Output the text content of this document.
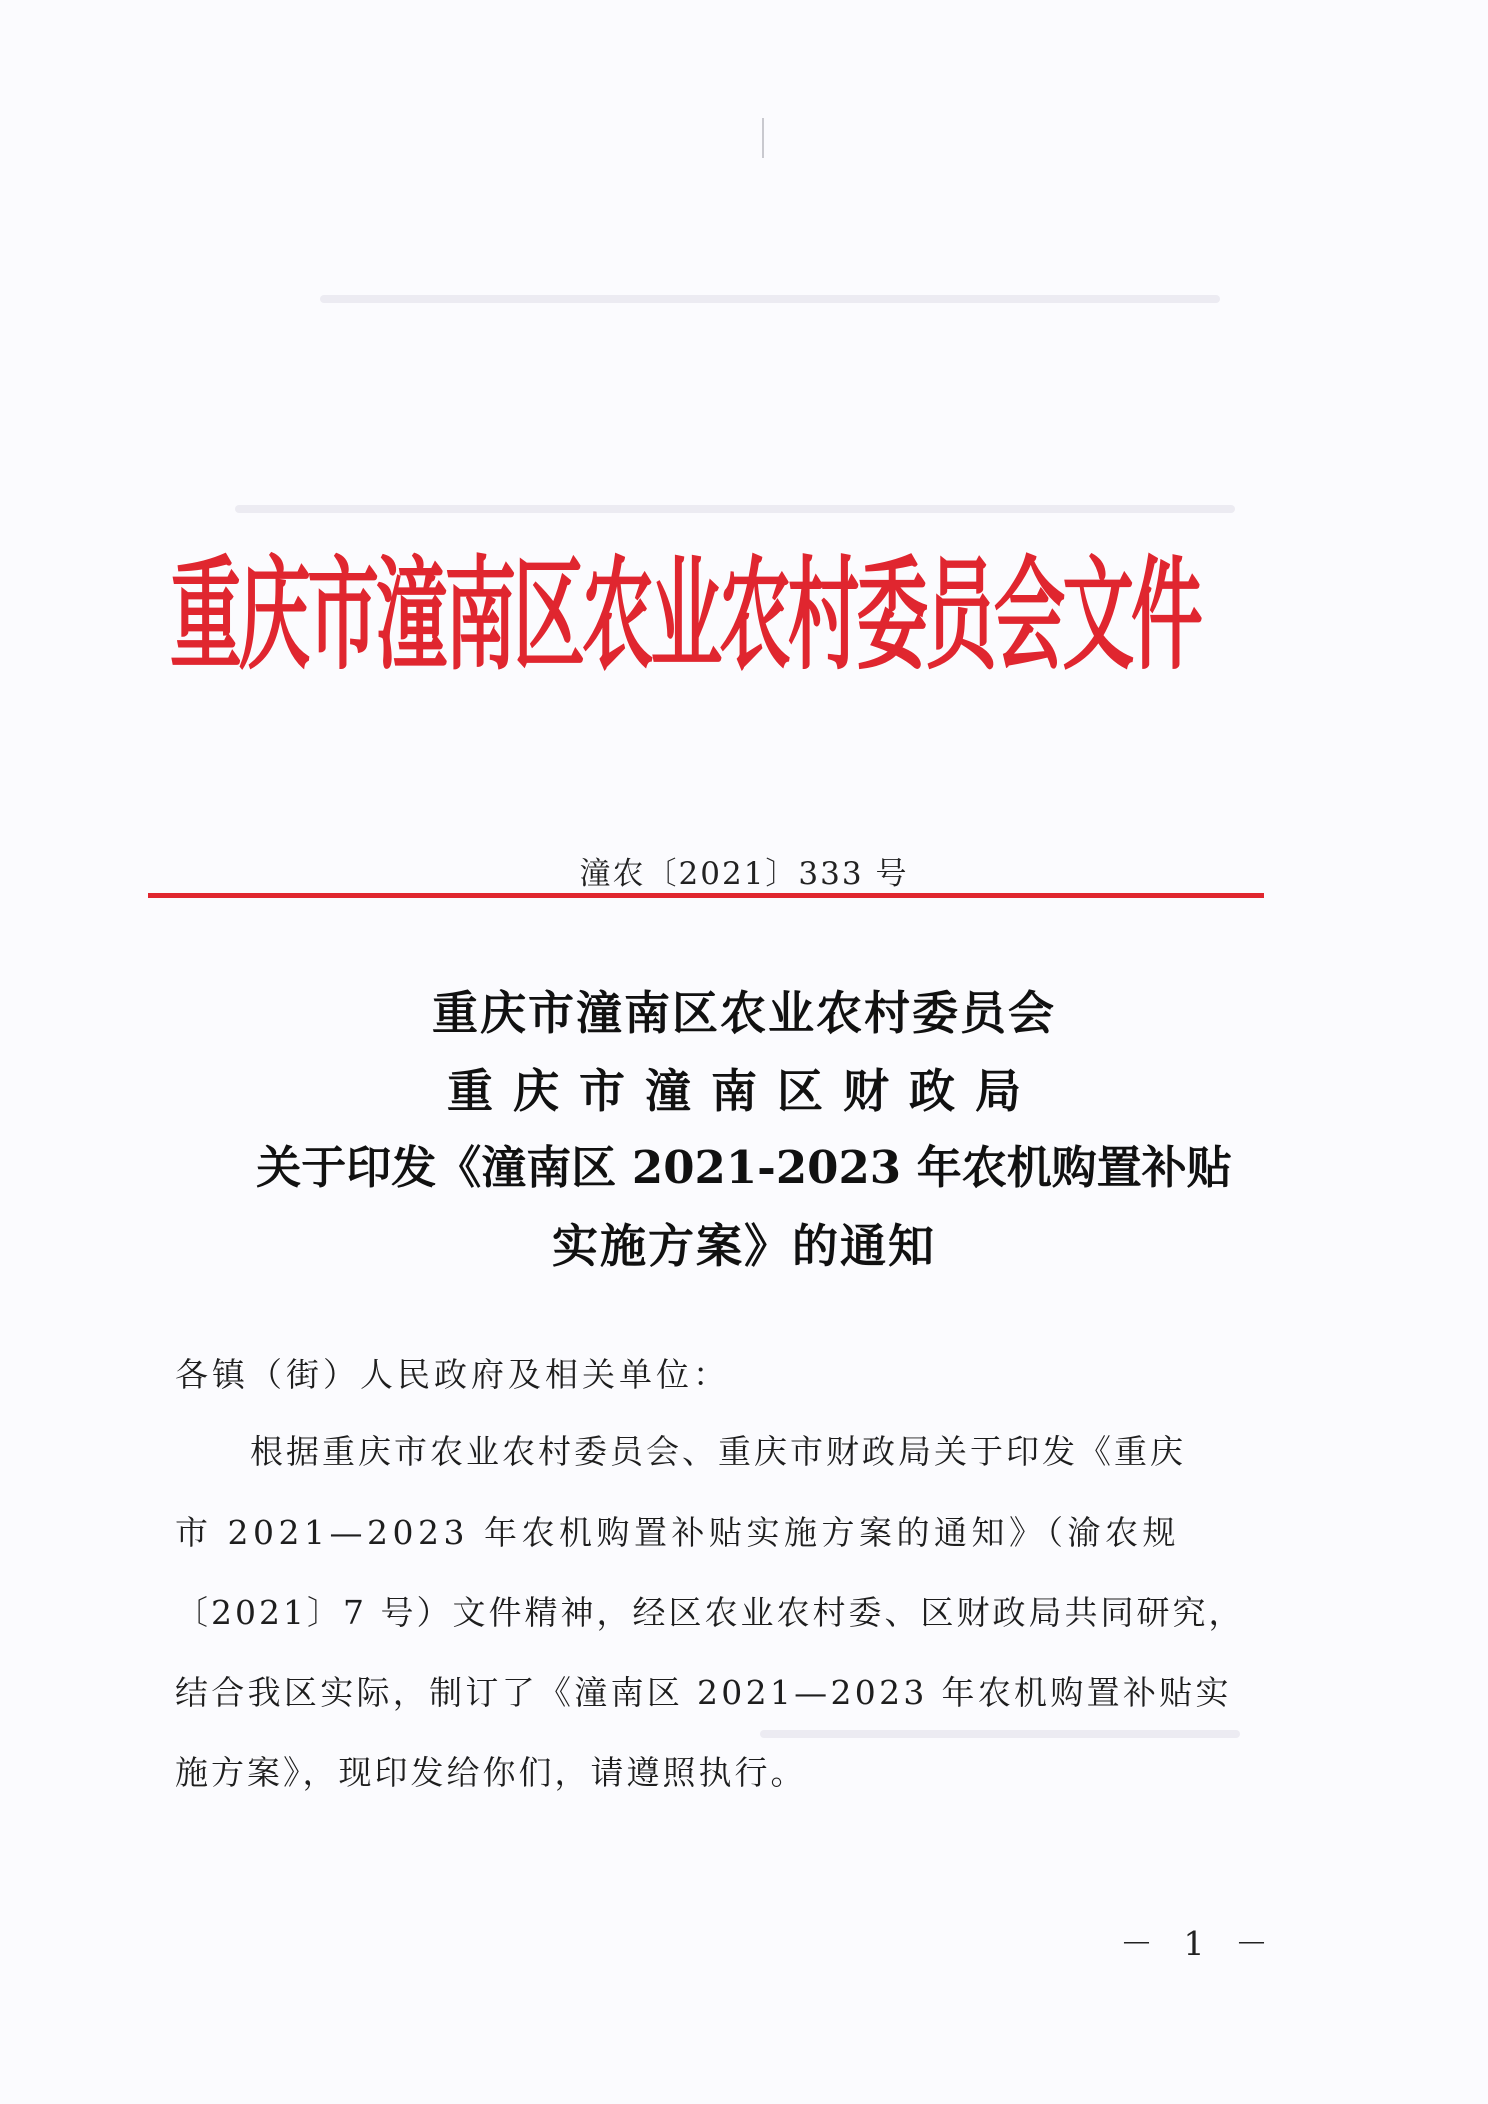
重庆市潼南区农业农村委员会文件
潼农〔2021〕333 号
重庆市潼南区农业农村委员会
重庆市潼南区财政局
关于印发《潼南区 2021-2023 年农机购置补贴
实施方案》的通知
各镇（街）人民政府及相关单位：
根据重庆市农业农村委员会、重庆市财政局关于印发《重庆
市 2021—2023 年农机购置补贴实施方案的通知》（渝农规
〔2021〕7 号）文件精神，经区农业农村委、区财政局共同研究，
结合我区实际，制订了《潼南区 2021—2023 年农机购置补贴实
施方案》，现印发给你们，请遵照执行。
－ 1 －
